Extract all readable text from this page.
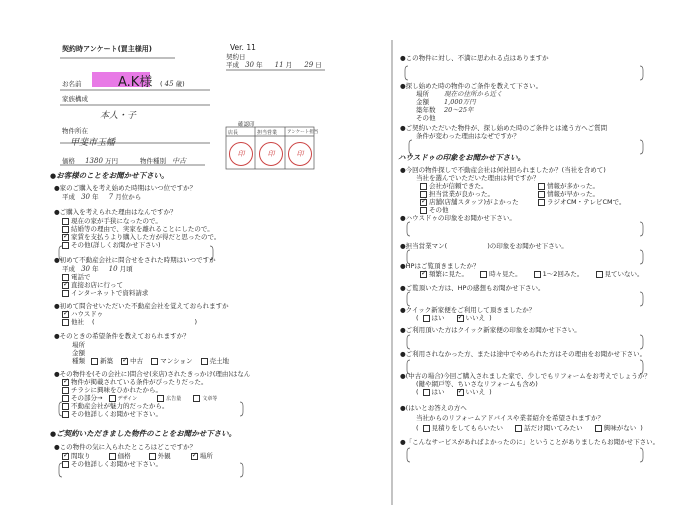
契約時アンケート(買主様用)	Ver. 11
契約日
平成 30 年 11 月 29 日
お名前	A.K様 ( 45 歳)
家族構成
本人・子
物件所在
甲斐市玉幡
価格 1380 万円	物件種別 中古
確認印
店長	担当営業 アンケート担当
印	印	印
●お客様のことをお聞かせ下さい。
●家のご購入を考え始めた時期はいつ位ですか？
平成 30 年 7 月位から
●ご購入を考えられた理由はなんですか？
現在の家が手狭になったので。
結婚等の理由で、実家を離れることにしたので。
✓家賃を支払うより購入した方が得だと思ったので。
その他(詳しくお聞かせ下さい)
●初めて不動産会社に問合せをされた時期はいつですか
平成 30 年 10 月頃
電話で
✓直接お店に行って
インターネットで資料請求
●初めて問合せいただいた不動産会社を覚えておられますか
✓ハウスドゥ
他社 (	)
●そのときの希望条件を教えておられますか？
場所
金額
種類 新築 ✓	中古	マンション	売土地
●その物件を(その会社に)問合せ(来店)されたきっかけ(理由)はなん
✓物件が掲載されている条件がぴったりだった。
チラシに興味をひかれたから。
その部分→	デザイン	広告量	文章等
不動産会社が魅力的だったから。
その他詳しくお聞かせ下さい。
●ご契約いただきました物件のことをお聞かせ下さい。
●この物件の気に入られたところはどこですか？
✓間取り	価格	外観 ✓	場所
その他詳しくお聞かせ下さい。
●この物件に対し、不満に思われる点はありますか
●探し始めた時の物件のご条件を教えて下さい。
場所 現在の住所から近く
金額 1,000万円
築年数 20〜25年
その他
●ご契約いただいた物件が、探し始めた時のご条件とは違う方へご質問
条件が変わった理由はなぜですか？
ハウスドゥの印象をお聞かせ下さい。
●今回の物件探しで不動産会社は何社回られましたか？(当社を含めて)
当社を選んでいただいた理由は何ですか？
会社が信頼できた。
担当営業が良かった。
✓店舗(店舗スタッフ)がよかった
その他
情報が多かった。
情報が早かった。
ラジオCM・テレビCMで。
●ハウスドゥの印象をお聞かせ下さい。
●担当営業マン(	)の印象をお聞かせ下さい。
●HPはご覧頂きましたか？
✓頻繁に見た。	時々見た。	1〜2回みた。	見ていない。
●ご覧頂いた方は、HPの感想もお聞かせ下さい。
●クイック新家便をご利用して頂きましたか？
( はい ✓	いいえ )
●ご利用頂いた方はクイック新家便の印象をお聞かせ下さい。
●ご利用されなかった方、または途中でやめられた方はその理由をお聞かせ下さい。
●(中古の場合)今回ご購入されました家で、少しでもリフォームをお考えでしょうか？
(鍵や網戸等、ちいさなリフォームも含め)
( はい ✓	いいえ )
●(はいとお答えの方へ
当社からのリフォームアドバイスや業者紹介を希望されますか？
( 見積りをしてもらいたい	話だけ聞いてみたい	興味がない )
●「こんなサービスがあればよかったのに」ということがありましたらお聞かせ下さい。
